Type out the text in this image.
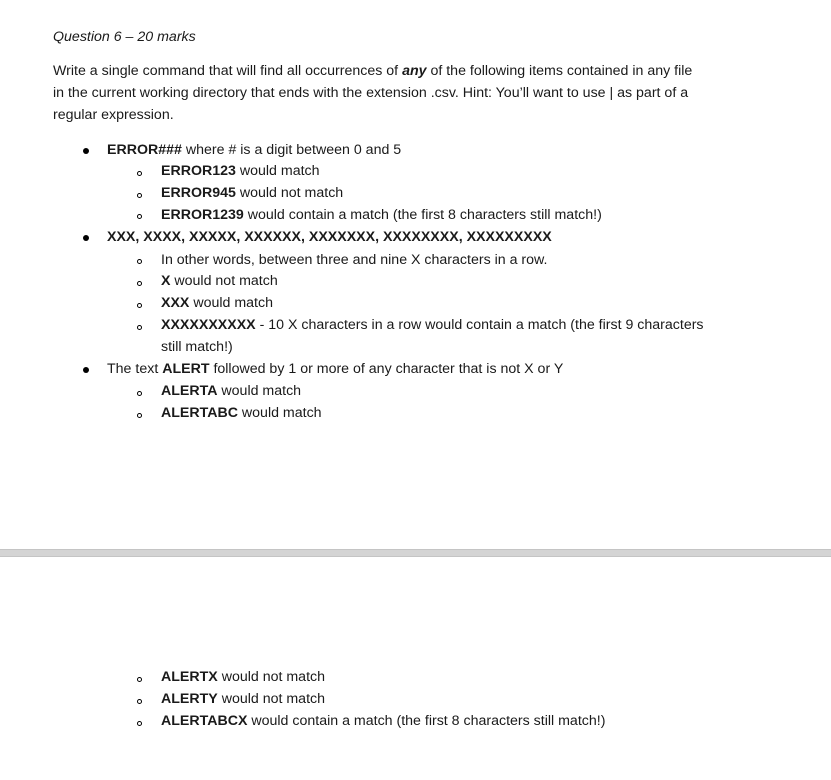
Question 6 – 20 marks
Write a single command that will find all occurrences of any of the following items contained in any file
in the current working directory that ends with the extension .csv. Hint: You’ll want to use | as part of a
regular expression.
ERROR### where # is a digit between 0 and 5
ERROR123 would match
ERROR945 would not match
ERROR1239 would contain a match (the first 8 characters still match!)
XXX, XXXX, XXXXX, XXXXXX, XXXXXXX, XXXXXXXX, XXXXXXXXX
In other words, between three and nine X characters in a row.
X would not match
XXX would match
XXXXXXXXXX - 10 X characters in a row would contain a match (the first 9 characters
still match!)
The text ALERT followed by 1 or more of any character that is not X or Y
ALERTA would match
ALERTABC would match
ALERTX would not match
ALERTY would not match
ALERTABCX would contain a match (the first 8 characters still match!)
